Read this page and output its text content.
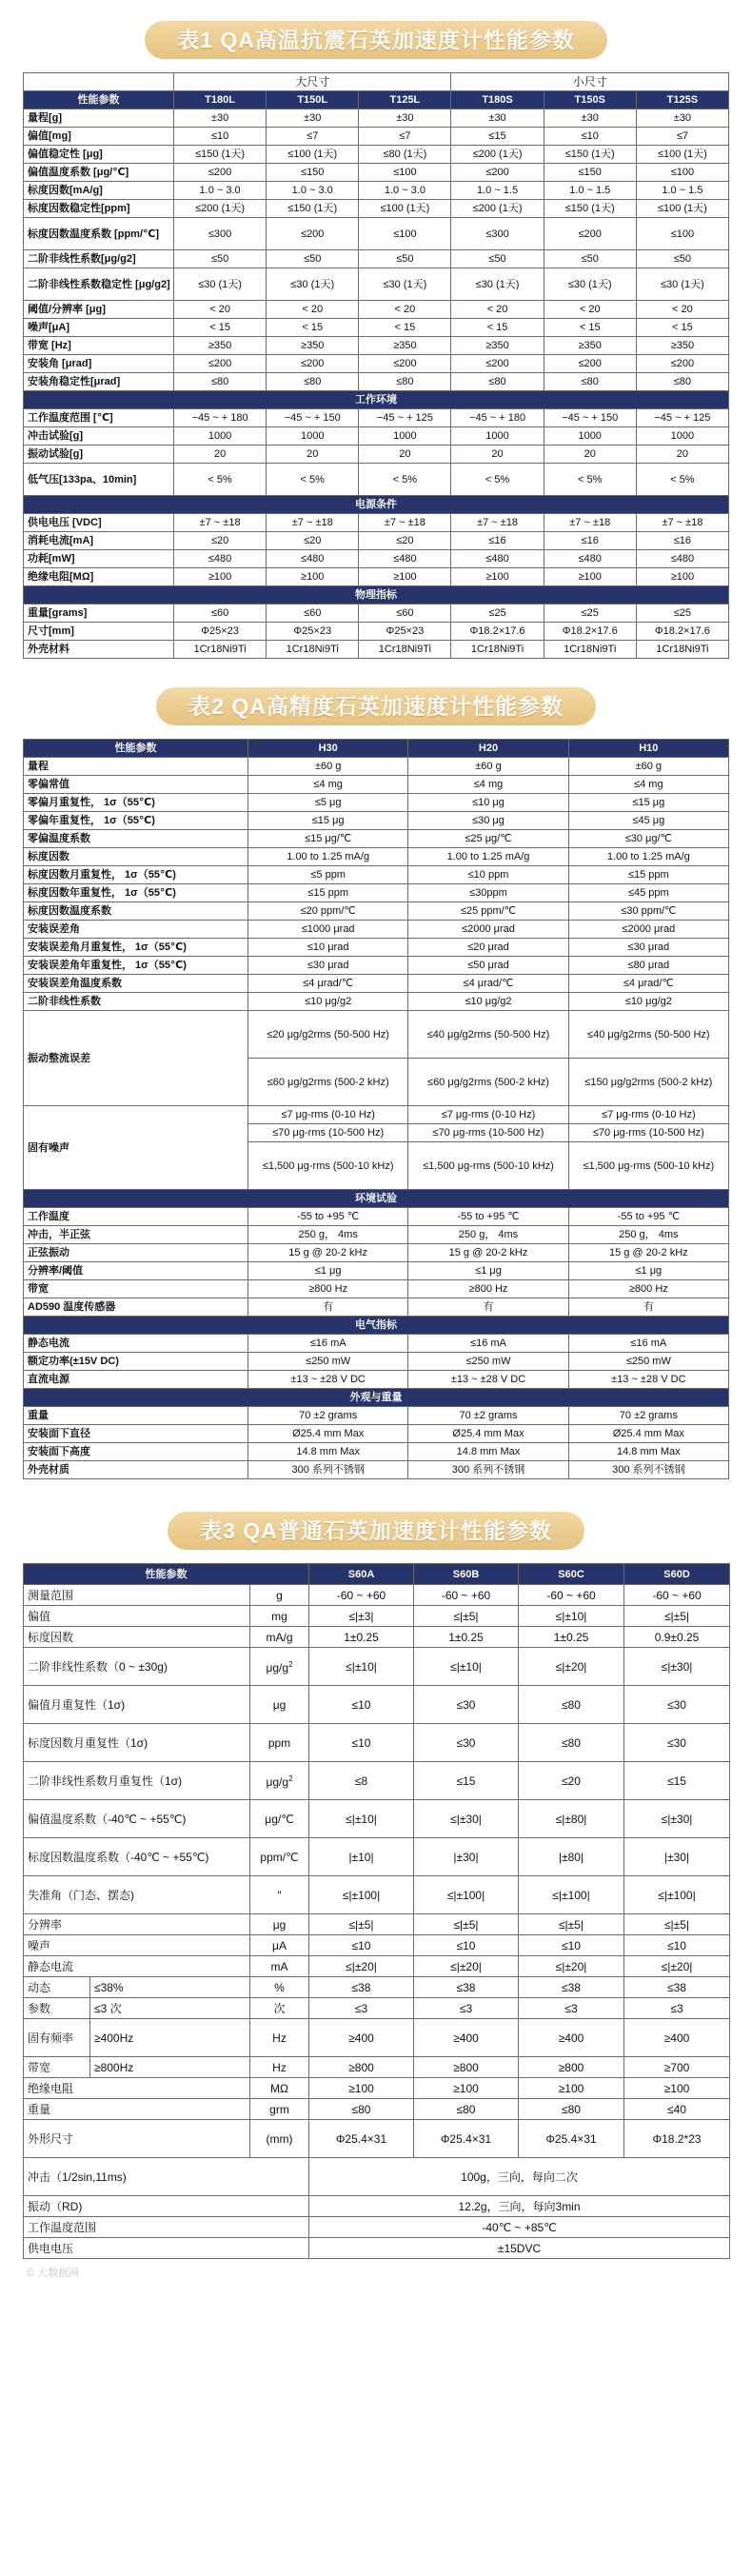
表1 QA高温抗震石英加速度计性能参数
	大尺寸			小尺寸		
性能参数	T180L	T150L	T125L	T180S	T150S	T125S
量程[g]	±30	±30	±30	±30	±30	±30
偏值[mg]	≤10	≤7	≤7	≤15	≤10	≤7
偏值稳定性 [μg]	≤150 (1天)	≤100 (1天)	≤80 (1天)	≤200 (1天)	≤150 (1天)	≤100 (1天)
偏值温度系数 [μg/℃]	≤200	≤150	≤100	≤200	≤150	≤100
标度因数[mA/g]	1.0 ~ 3.0	1.0 ~ 3.0	1.0 ~ 3.0	1.0 ~ 1.5	1.0 ~ 1.5	1.0 ~ 1.5
标度因数稳定性[ppm]	≤200 (1天)	≤150 (1天)	≤100 (1天)	≤200 (1天)	≤150 (1天)	≤100 (1天)
标度因数温度系数 [ppm/℃]	≤300	≤200	≤100	≤300	≤200	≤100
二阶非线性系数[μg/g2]	≤50	≤50	≤50	≤50	≤50	≤50
二阶非线性系数稳定性 [μg/g2]	≤30 (1天)	≤30 (1天)	≤30 (1天)	≤30 (1天)	≤30 (1天)	≤30 (1天)
阈值/分辨率 [μg]	< 20	< 20	< 20	< 20	< 20	< 20
噪声[μA]	< 15	< 15	< 15	< 15	< 15	< 15
带宽 [Hz]	≥350	≥350	≥350	≥350	≥350	≥350
安装角 [μrad]	≤200	≤200	≤200	≤200	≤200	≤200
安装角稳定性[μrad]	≤80	≤80	≤80	≤80	≤80	≤80
工作环境						
工作温度范围 [℃]	−45 ~ + 180	−45 ~ + 150	−45 ~ + 125	−45 ~ + 180	−45 ~ + 150	−45 ~ + 125
冲击试验[g]	1000	1000	1000	1000	1000	1000
振动试验[g]	20	20	20	20	20	20
低气压[133pa、10min]	< 5%	< 5%	< 5%	< 5%	< 5%	< 5%
电源条件						
供电电压 [VDC]	±7 ~ ±18	±7 ~ ±18	±7 ~ ±18	±7 ~ ±18	±7 ~ ±18	±7 ~ ±18
消耗电流[mA]	≤20	≤20	≤20	≤16	≤16	≤16
功耗[mW]	≤480	≤480	≤480	≤480	≤480	≤480
绝缘电阻[MΩ]	≥100	≥100	≥100	≥100	≥100	≥100
物理指标						
重量[grams]	≤60	≤60	≤60	≤25	≤25	≤25
尺寸[mm]	Φ25×23	Φ25×23	Φ25×23	Φ18.2×17.6	Φ18.2×17.6	Φ18.2×17.6
外壳材料	1Cr18Ni9Ti	1Cr18Ni9Ti	1Cr18Ni9Ti	1Cr18Ni9Ti	1Cr18Ni9Ti	1Cr18Ni9Ti
表2 QA高精度石英加速度计性能参数
性能参数	H30	H20	H10
量程	±60 g	±60 g	±60 g
零偏常值	≤4 mg	≤4 mg	≤4 mg
零偏月重复性， 1σ（55℃)	≤5 μg	≤10 μg	≤15 μg
零偏年重复性， 1σ（55℃)	≤15 μg	≤30 μg	≤45 μg
零偏温度系数	≤15 μg/℃	≤25 μg/℃	≤30 μg/℃
标度因数	1.00 to 1.25 mA/g	1.00 to 1.25 mA/g	1.00 to 1.25 mA/g
标度因数月重复性， 1σ（55℃)	≤5 ppm	≤10 ppm	≤15 ppm
标度因数年重复性， 1σ（55℃)	≤15 ppm	≤30ppm	≤45 ppm
标度因数温度系数	≤20 ppm/℃	≤25 ppm/℃	≤30 ppm/℃
安装误差角	≤1000 μrad	≤2000 μrad	≤2000 μrad
安装误差角月重复性， 1σ（55℃)	≤10 μrad	≤20 μrad	≤30 μrad
安装误差角年重复性， 1σ（55℃)	≤30 μrad	≤50 μrad	≤80 μrad
安装误差角温度系数	≤4 μrad/℃	≤4 μrad/℃	≤4 μrad/℃
二阶非线性系数	≤10 μg/g2	≤10 μg/g2	≤10 μg/g2
振动整流误差	≤20 μg/g2rms (50-500 Hz)	≤40 μg/g2rms (50-500 Hz)	≤40 μg/g2rms (50-500 Hz)
	≤60 μg/g2rms (500-2 kHz)	≤60 μg/g2rms (500-2 kHz)	≤150 μg/g2rms (500-2 kHz)
固有噪声	≤7 μg-rms (0-10 Hz)	≤7 μg-rms (0-10 Hz)	≤7 μg-rms (0-10 Hz)
	≤70 μg-rms (10-500 Hz)	≤70 μg-rms (10-500 Hz)	≤70 μg-rms (10-500 Hz)
	≤1,500 μg-rms (500-10 kHz)	≤1,500 μg-rms (500-10 kHz)	≤1,500 μg-rms (500-10 kHz)
环境试验			
工作温度	-55 to +95 ℃	-55 to +95 ℃	-55 to +95 ℃
冲击，半正弦	250 g， 4ms	250 g， 4ms	250 g， 4ms
正弦振动	15 g @ 20-2 kHz	15 g @ 20-2 kHz	15 g @ 20-2 kHz
分辨率/阈值	≤1 μg	≤1 μg	≤1 μg
带宽	≥800 Hz	≥800 Hz	≥800 Hz
AD590 温度传感器	有	有	有
电气指标			
静态电流	≤16 mA	≤16 mA	≤16 mA
额定功率(±15V DC)	≤250 mW	≤250 mW	≤250 mW
直流电源	±13 ~ ±28 V DC	±13 ~ ±28 V DC	±13 ~ ±28 V DC
外观与重量			
重量	70 ±2 grams	70 ±2 grams	70 ±2 grams
安装面下直径	Ø25.4 mm Max	Ø25.4 mm Max	Ø25.4 mm Max
安装面下高度	14.8 mm Max	14.8 mm Max	14.8 mm Max
外壳材质	300 系列不锈钢	300 系列不锈钢	300 系列不锈钢
表3 QA普通石英加速度计性能参数
性能参数			S60A	S60B	S60C	S60D
测量范围		g	-60 ~ +60	-60 ~ +60	-60 ~ +60	-60 ~ +60
偏值		mg	≤|±3|	≤|±5|	≤|±10|	≤|±5|
标度因数		mA/g	1±0.25	1±0.25	1±0.25	0.9±0.25
二阶非线性系数（0 ~ ±30g)		$\mu g/g^2$	≤|±10|	≤|±10|	≤|±20|	≤|±30|
偏值月重复性（1σ)		μg	≤10	≤30	≤80	≤30
标度因数月重复性（1σ)		ppm	≤10	≤30	≤80	≤30
二阶非线性系数月重复性（1σ)		$\mu g/g^2$	≤8	≤15	≤20	≤15
偏值温度系数（-40℃ ~ +55℃)		μg/℃	≤|±10|	≤|±30|	≤|±80|	≤|±30|
标度因数温度系数（-40℃ ~ +55℃)		ppm/℃	|±10|	|±30|	|±80|	|±30|
失准角（门态、摆态)		″	≤|±100|	≤|±100|	≤|±100|	≤|±100|
分辨率		μg	≤|±5|	≤|±5|	≤|±5|	≤|±5|
噪声		μA	≤10	≤10	≤10	≤10
静态电流		mA	≤|±20|	≤|±20|	≤|±20|	≤|±20|
动态	≤38%	%	≤38	≤38	≤38	≤38
参数	≤3 次	次	≤3	≤3	≤3	≤3
固有频率	≥400Hz	Hz	≥400	≥400	≥400	≥400
带宽	≥800Hz	Hz	≥800	≥800	≥800	≥700
绝缘电阻		MΩ	≥100	≥100	≥100	≥100
重量		grm	≤80	≤80	≤80	≤40
外形尺寸		(mm)	Φ25.4×31	Φ25.4×31	Φ25.4×31	Φ18.2*23
冲击（1/2sin,11ms)			100g，三向，每向二次			
振动（RD)			12.2g，三向，每向3min			
工作温度范围			-40℃ ~ +85℃			
供电电压			±15DVC			
© 大数据网
